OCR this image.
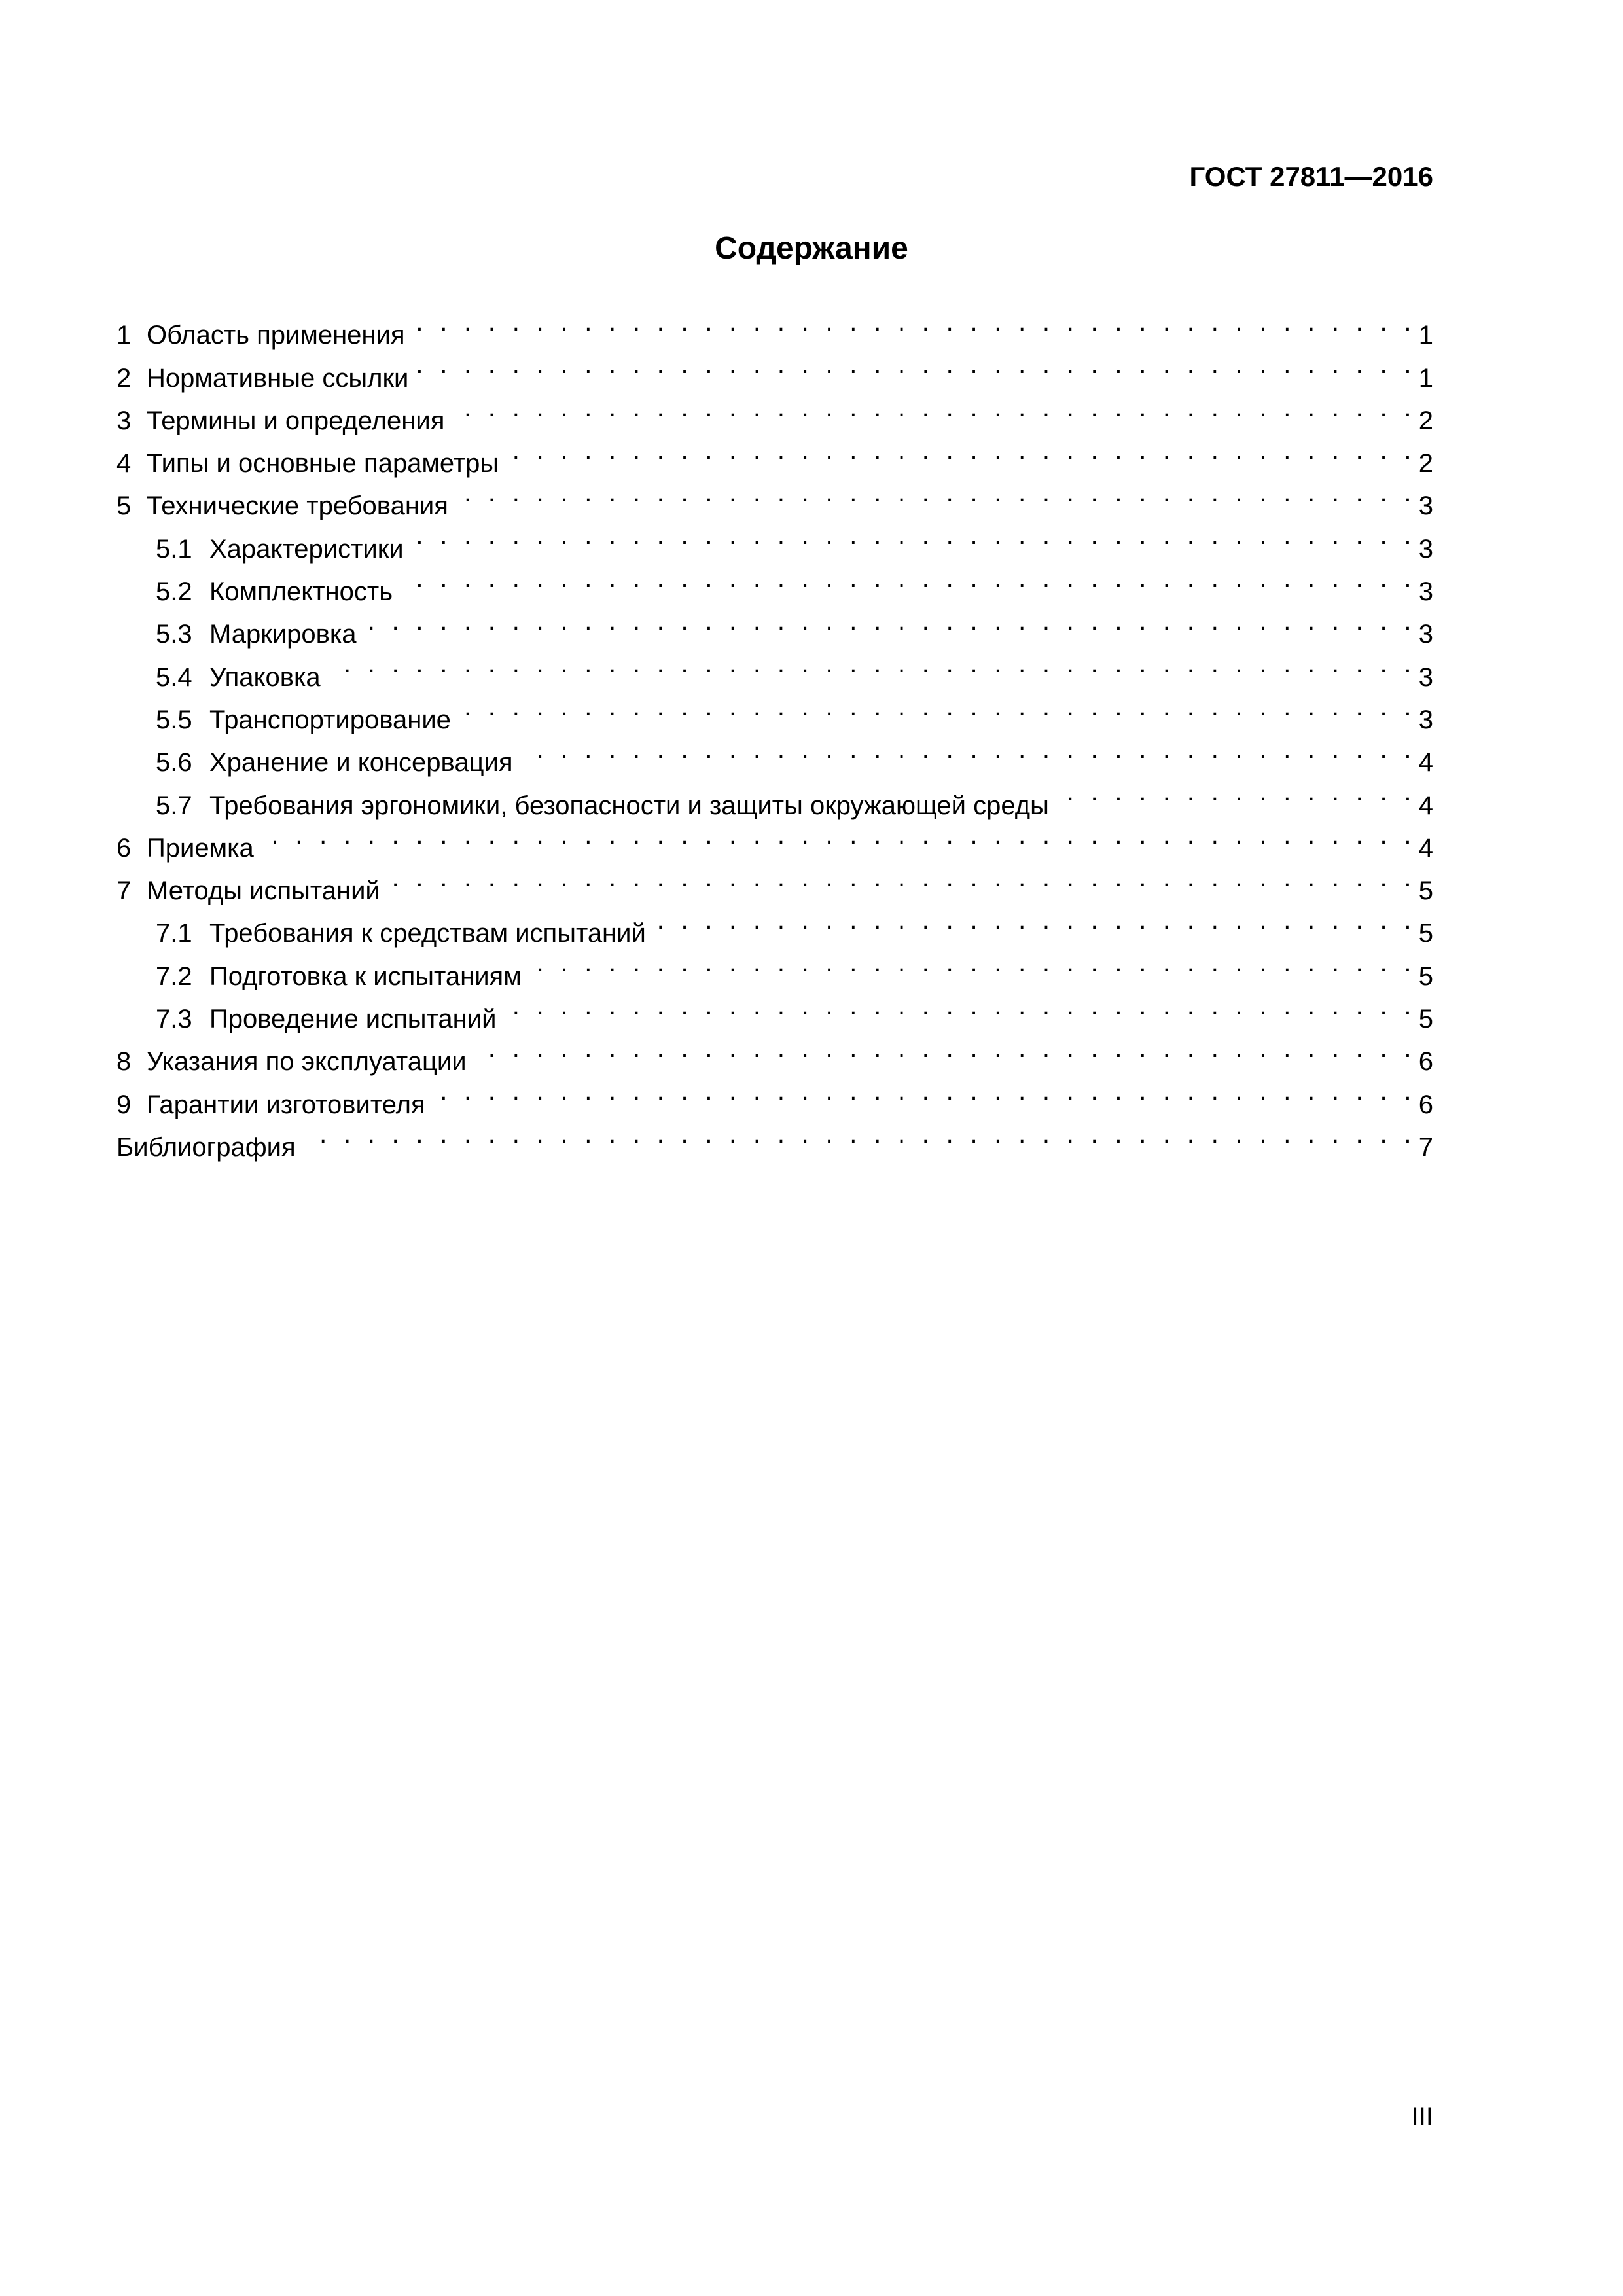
ГОСТ 27811—2016
Содержание
1 Область применения . . .	1
2 Нормативные ссылки . . .	1
3 Термины и определения . . .	2
4 Типы и основные параметры . . .	2
5 Технические требования . . .	3
5.1 Характеристики . . .	3
5.2 Комплектность . . .	3
5.3 Маркировка . . .	3
5.4 Упаковка . . .	3
5.5 Транспортирование . . .	3
5.6 Хранение и консервация . . .	4
5.7 Требования эргономики, безопасности и защиты окружающей среды . . .	4
6 Приемка . . .	4
7 Методы испытаний . . .	5
7.1 Требования к средствам испытаний . . .	5
7.2 Подготовка к испытаниям . . .	5
7.3 Проведение испытаний . . .	5
8 Указания по эксплуатации . . .	6
9 Гарантии изготовителя . . .	6
Библиография . . .	7
III
